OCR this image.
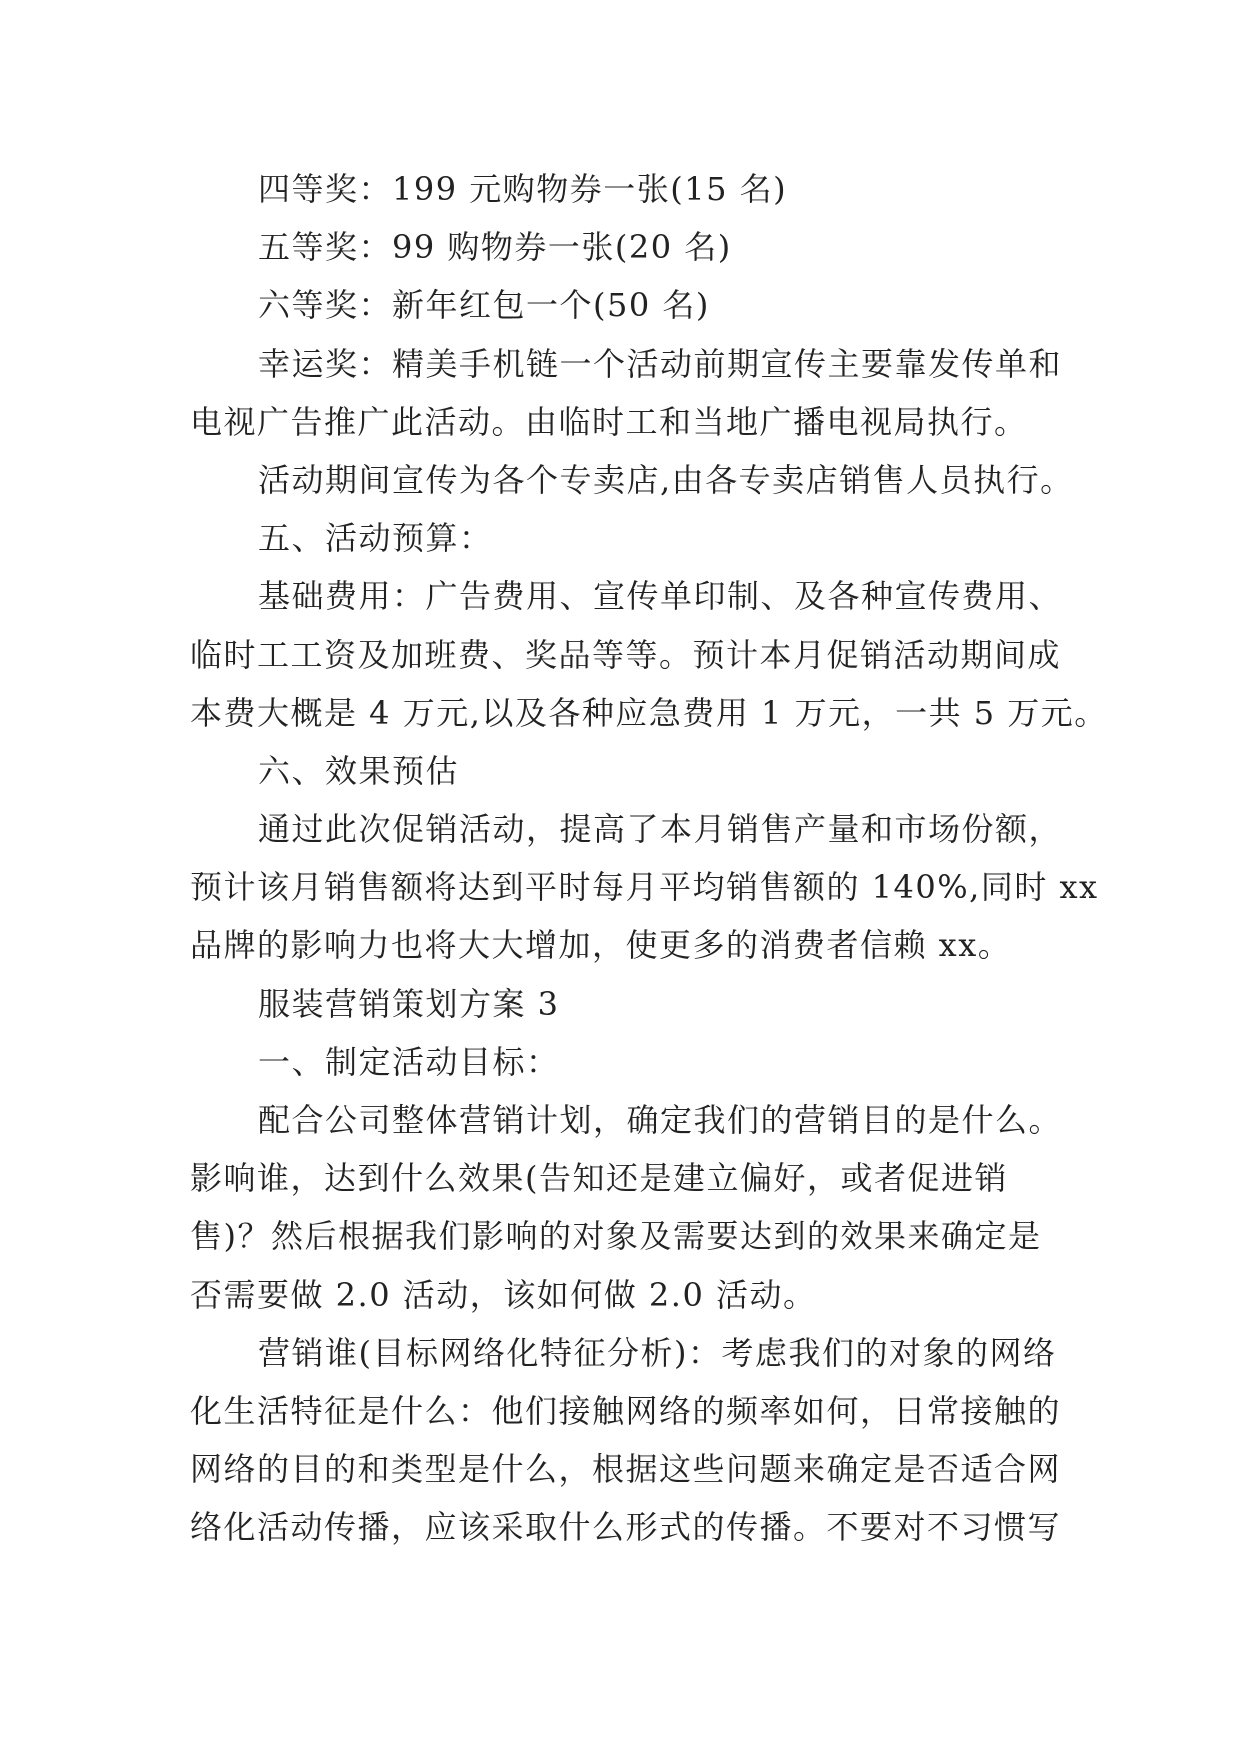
四等奖：199 元购物券一张(15 名)
五等奖：99 购物券一张(20 名)
六等奖：新年红包一个(50 名)
幸运奖：精美手机链一个活动前期宣传主要靠发传单和
电视广告推广此活动。由临时工和当地广播电视局执行。
活动期间宣传为各个专卖店,由各专卖店销售人员执行。
五、活动预算：
基础费用：广告费用、宣传单印制、及各种宣传费用、
临时工工资及加班费、奖品等等。预计本月促销活动期间成
本费大概是 4 万元,以及各种应急费用 1 万元，一共 5 万元。
六、效果预估
通过此次促销活动，提高了本月销售产量和市场份额，
预计该月销售额将达到平时每月平均销售额的 140%,同时 xx
品牌的影响力也将大大增加，使更多的消费者信赖 xx。
服装营销策划方案 3
一、制定活动目标：
配合公司整体营销计划，确定我们的营销目的是什么。
影响谁，达到什么效果(告知还是建立偏好，或者促进销
售)？然后根据我们影响的对象及需要达到的效果来确定是
否需要做 2.0 活动，该如何做 2.0 活动。
营销谁(目标网络化特征分析)：考虑我们的对象的网络
化生活特征是什么：他们接触网络的频率如何，日常接触的
网络的目的和类型是什么，根据这些问题来确定是否适合网
络化活动传播，应该采取什么形式的传播。不要对不习惯写
